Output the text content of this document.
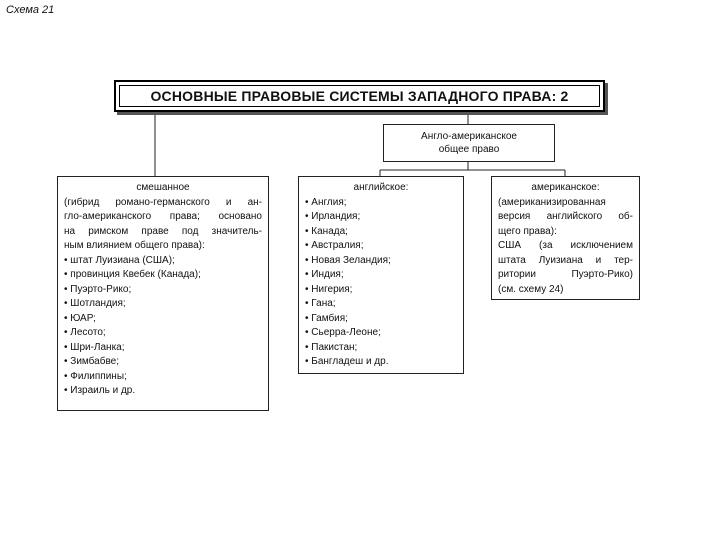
Схема 21
ОСНОВНЫЕ ПРАВОВЫЕ СИСТЕМЫ ЗАПАДНОГО ПРАВА: 2
Англо-американское
общее право
смешанное
(гибрид романо-германского и ан-
гло-американского права; основано
на римском праве под значитель-
ным влиянием общего права):
• штат Луизиана (США);
• провинция Квебек (Канада);
• Пуэрто-Рико;
• Шотландия;
• ЮАР;
• Лесото;
• Шри-Ланка;
• Зимбабве;
• Филиппины;
• Израиль и др.
английское:
• Англия;
• Ирландия;
• Канада;
• Австралия;
• Новая Зеландия;
• Индия;
• Нигерия;
• Гана;
• Гамбия;
• Сьерра-Леоне;
• Пакистан;
• Бангладеш и др.
американское:
(американизированная
версия английского об-
щего права):
США (за исключением
штата Луизиана и тер-
ритории Пуэрто-Рико)
(см. схему 24)
